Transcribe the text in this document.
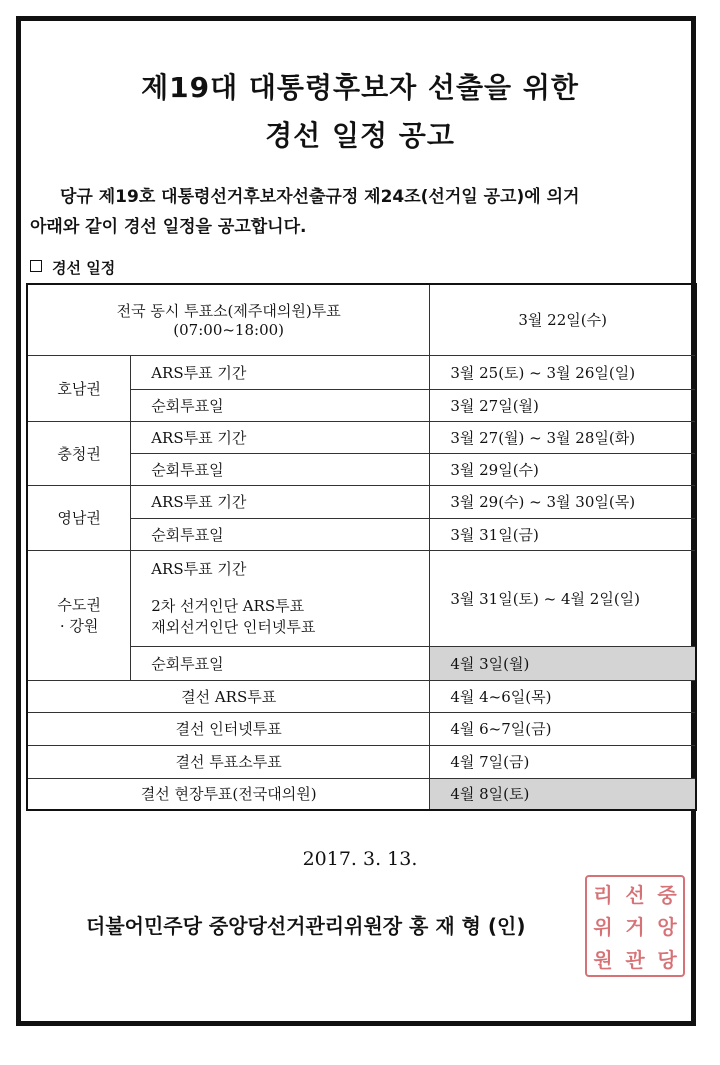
제19대 대통령후보자 선출을 위한
경선 일정 공고
당규 제19호 대통령선거후보자선출규정 제24조(선거일 공고)에 의거
아래와 같이 경선 일정을 공고합니다.
경선 일정
전국 동시 투표소(제주대의원)투표
(07:00~18:00)		3월 22일(수)
호남권	ARS투표 기간	3월 25(토) ~ 3월 26일(일)
	순회투표일	3월 27일(월)
충청권	ARS투표 기간	3월 27(월) ~ 3월 28일(화)
	순회투표일	3월 29일(수)
영남권	ARS투표 기간	3월 29(수) ~ 3월 30일(목)
	순회투표일	3월 31일(금)

수도권
· 강원	ARS투표 기간	3월 31일(토) ~ 4월 2일(일)

	2차 선거인단 ARS투표
재외선거인단 인터넷투표	

	순회투표일	4월 3일(월)
결선 ARS투표		4월 4~6일(목)
결선 인터넷투표		4월 6~7일(금)
결선 투표소투표		4월 7일(금)
결선 현장투표(전국대의원)		4월 8일(토)
2017. 3. 13.
더불어민주당 중앙당선거관리위원장 홍 재 형 (인)
리 선 중
위 거 앙
원 관 당
